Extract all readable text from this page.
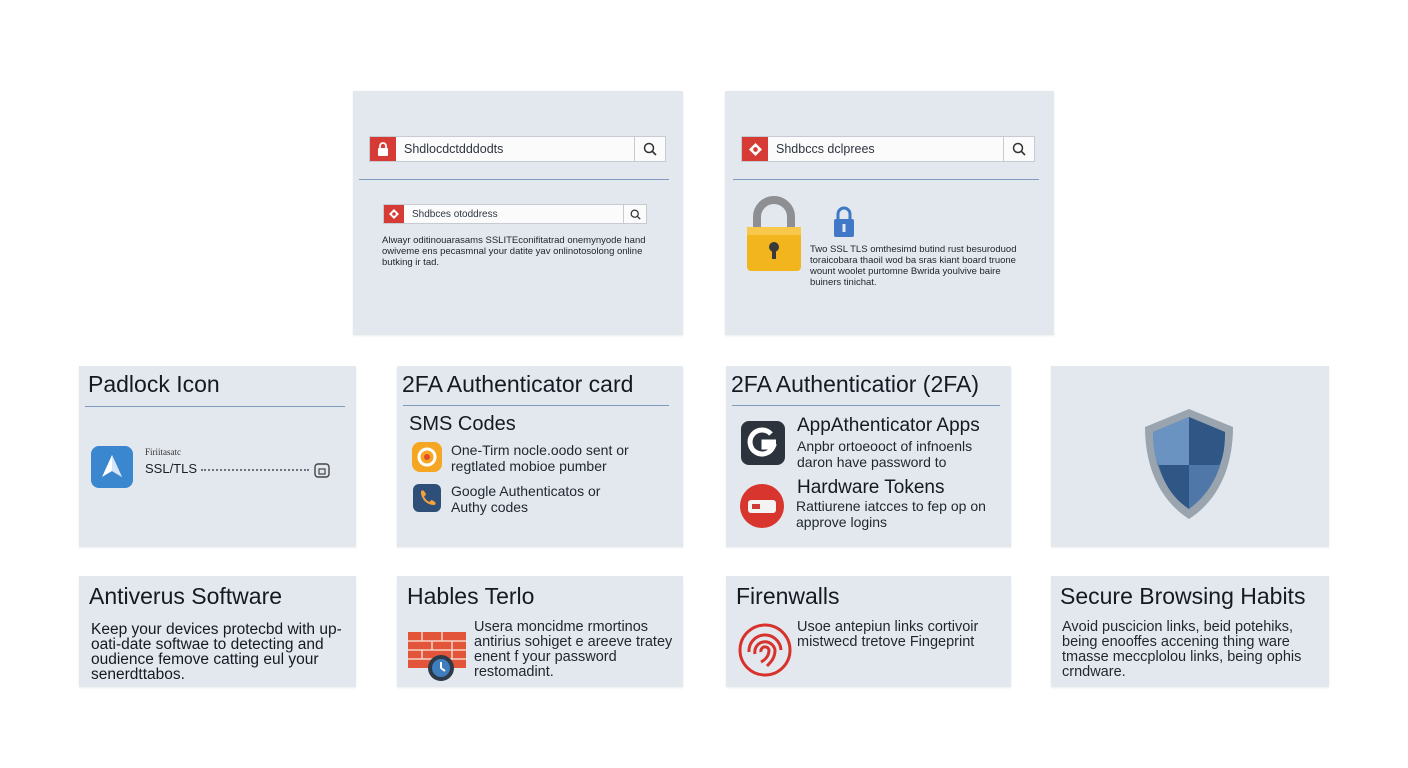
Shdlocdctdddodts
Shdbces otoddress
Alwayr oditinouarasams SSLITEconifitatrad onemynyode hand owiveme ens pecasmnal your datite yav onlinotosolong online butking ir tad.
Shdbccs dclprees
Two SSL TLS omthesimd butind rust besuroduod toraicobara thaoil wod ba sras kiant board truone wount woolet purtomne Bwrida youlvive baire buiners tinichat.
Padlock Icon
Firiitasatc
SSL/TLS
2FA Authenticator card
SMS Codes
One-Tirm nocle.oodo sent or regtlated mobioe pumber
Google Authenticatos or Authy codes
2FA Authenticatior (2FA)
AppAthenticator Apps
Anpbr ortoeooct of infnoenls daron have password to
Hardware Tokens
Rattiurene iatcces to fep op on approve logins
Antiverus Software
Keep your devices protecbd with up-oati-date softwae to detecting and oudience femove catting eul your senerdttabos.
Hables Terlo
Usera moncidme rmortinos antirius sohiget e areeve tratey enent f your password restomadint.
Firenwalls
Usoe antepiun links cortivoir mistwecd tretove Fingeprint
Secure Browsing Habits
Avoid puscicion links, beid potehiks, being enooffes accening thing ware tmasse meccplolou links, being ophis crndware.
